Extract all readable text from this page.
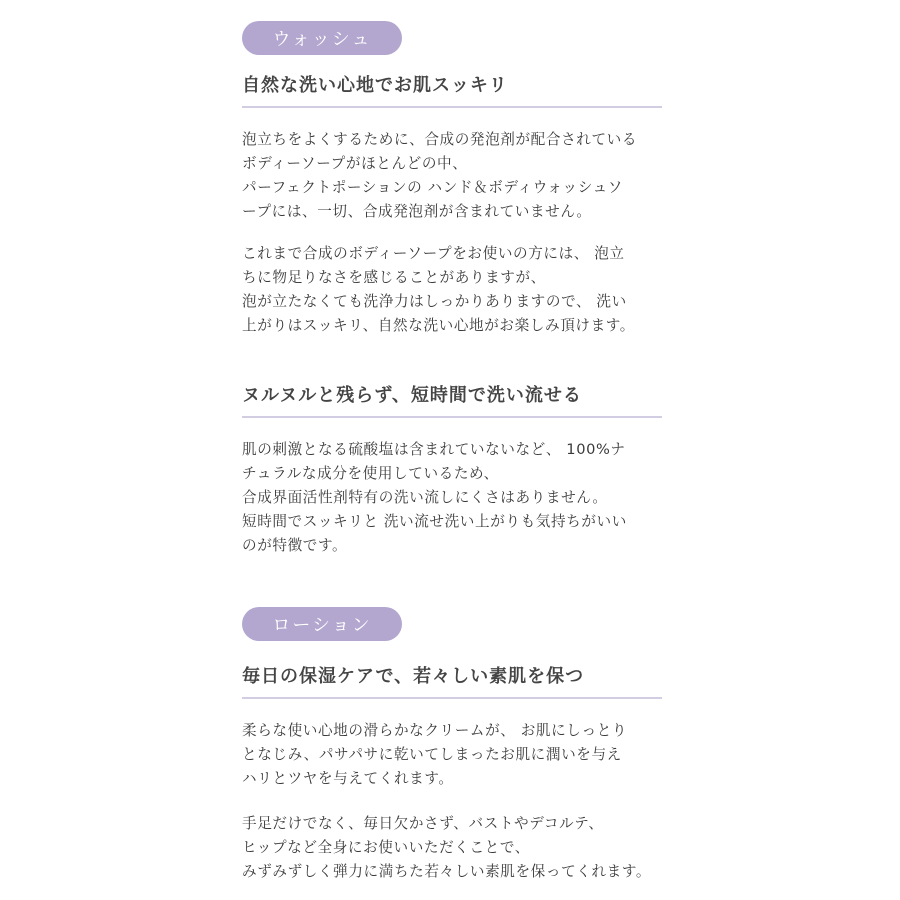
ウォッシュ
自然な洗い心地でお肌スッキリ
泡立ちをよくするために、合成の発泡剤が配合されている
ボディーソープがほとんどの中、
パーフェクトポーションの ハンド＆ボディウォッシュソ
ープには、一切、合成発泡剤が含まれていません。
これまで合成のボディーソープをお使いの方には、 泡立
ちに物足りなさを感じることがありますが、
泡が立たなくても洗浄力はしっかりありますので、 洗い
上がりはスッキリ、自然な洗い心地がお楽しみ頂けます。
ヌルヌルと残らず、短時間で洗い流せる
肌の刺激となる硫酸塩は含まれていないなど、 100%ナ
チュラルな成分を使用しているため、
合成界面活性剤特有の洗い流しにくさはありません。
短時間でスッキリと 洗い流せ洗い上がりも気持ちがいい
のが特徴です。
ローション
毎日の保湿ケアで、若々しい素肌を保つ
柔らな使い心地の滑らかなクリームが、 お肌にしっとり
となじみ、パサパサに乾いてしまったお肌に潤いを与え
ハリとツヤを与えてくれます。
手足だけでなく、毎日欠かさず、バストやデコルテ、
ヒップなど全身にお使いいただくことで、
みずみずしく弾力に満ちた若々しい素肌を保ってくれます。
